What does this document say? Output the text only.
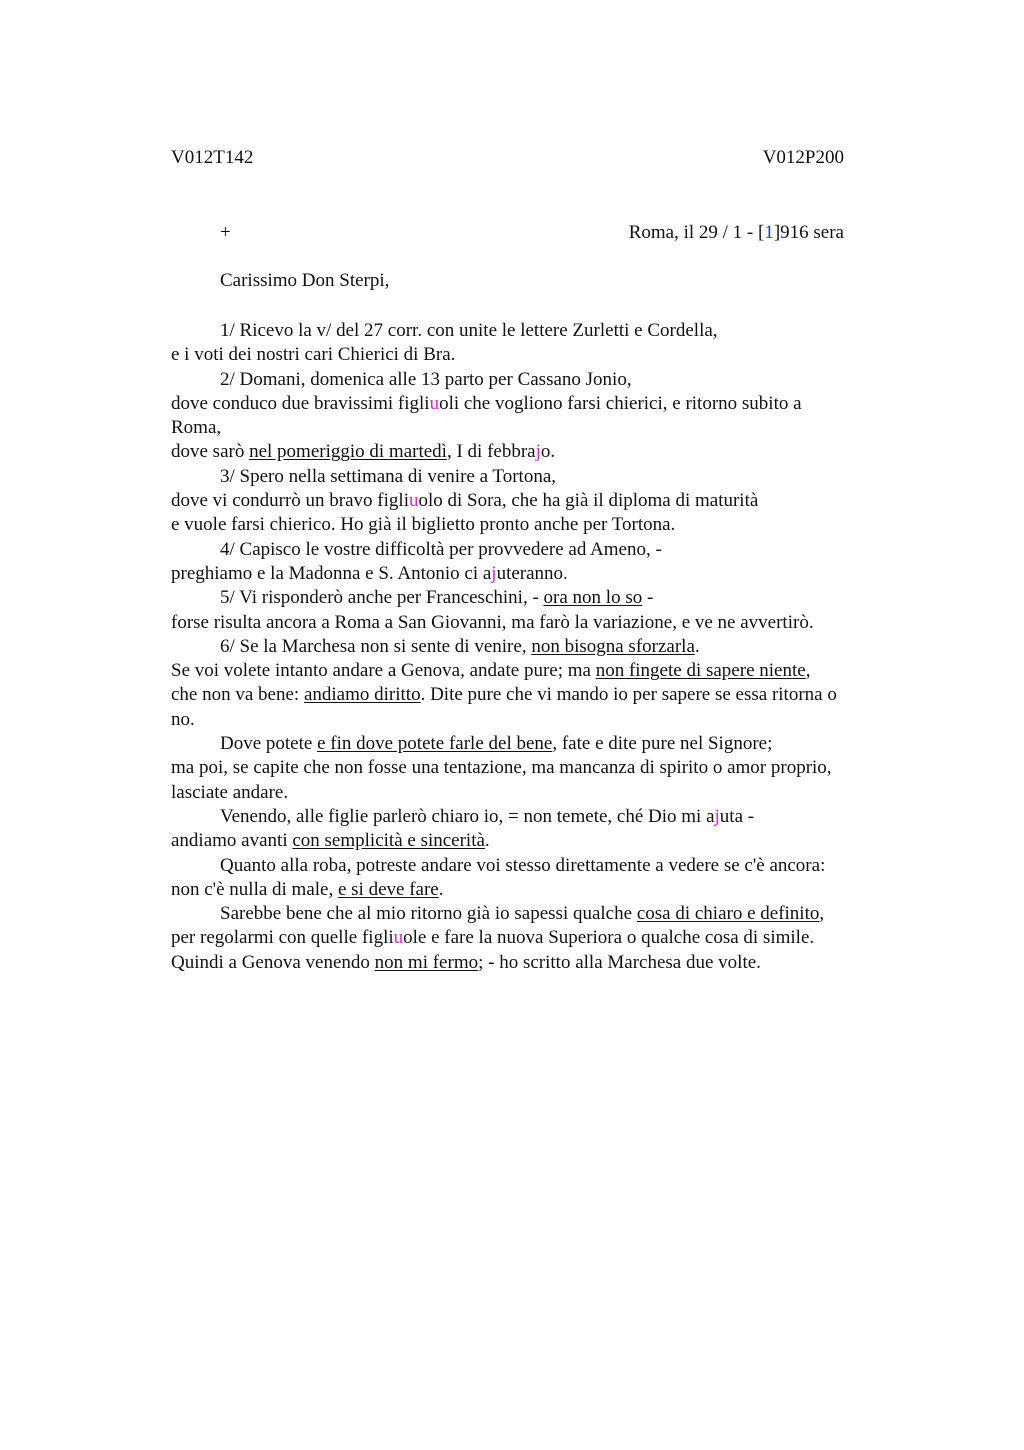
V012T142	V012P200
+	Roma, il 29 / 1 - [1]916 sera
Carissimo Don Sterpi,
1/ Ricevo la v/ del 27 corr. con unite le lettere Zurletti e Cordella,
e i voti dei nostri cari Chierici di Bra.
2/ Domani, domenica alle 13 parto per Cassano Jonio,
dove conduco due bravissimi figliuoli che vogliono farsi chierici, e ritorno subito a
Roma,
dove sarò nel pomeriggio di martedì, I di febbrajo.
3/ Spero nella settimana di venire a Tortona,
dove vi condurrò un bravo figliuolo di Sora, che ha già il diploma di maturità
e vuole farsi chierico. Ho già il biglietto pronto anche per Tortona.
4/ Capisco le vostre difficoltà per provvedere ad Ameno, -
preghiamo e la Madonna e S. Antonio ci ajuteranno.
5/ Vi risponderò anche per Franceschini, - ora non lo so -
forse risulta ancora a Roma a San Giovanni, ma farò la variazione, e ve ne avvertirò.
6/ Se la Marchesa non si sente di venire, non bisogna sforzarla.
Se voi volete intanto andare a Genova, andate pure; ma non fingete di sapere niente,
che non va bene: andiamo diritto. Dite pure che vi mando io per sapere se essa ritorna o
no.
Dove potete e fin dove potete farle del bene, fate e dite pure nel Signore;
ma poi, se capite che non fosse una tentazione, ma mancanza di spirito o amor proprio,
lasciate andare.
Venendo, alle figlie parlerò chiaro io, = non temete, ché Dio mi ajuta -
andiamo avanti con semplicità e sincerità.
Quanto alla roba, potreste andare voi stesso direttamente a vedere se c'è ancora:
non c'è nulla di male, e si deve fare.
Sarebbe bene che al mio ritorno già io sapessi qualche cosa di chiaro e definito,
per regolarmi con quelle figliuole e fare la nuova Superiora o qualche cosa di simile.
Quindi a Genova venendo non mi fermo; - ho scritto alla Marchesa due volte.
